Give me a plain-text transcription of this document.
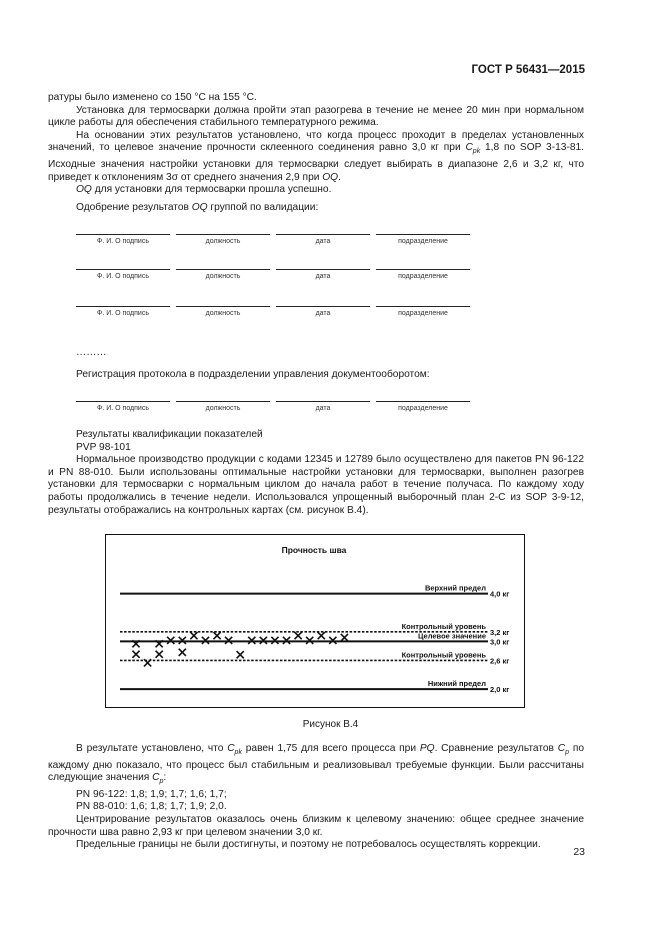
ГОСТ Р 56431—2015

ратуры было изменено со 150 °С на 155 °С.

Установка для термосварки должна пройти этап разогрева в течение не менее 20 мин при нормальном цикле работы для обеспечения стабильного температурного режима.

На основании этих результатов установлено, что когда процесс проходит в пределах установленных значений, то целевое значение прочности склеенного соединения равно 3,0 кг при $C_{pk}$ 1,8 по SOP 3-13-81. Исходные значения настройки установки для термосварки следует выбирать в диапазоне 2,6 и 3,2 кг, что приведет к отклонениям 3σ от среднего значения 2,9 при OQ.

OQ для установки для термосварки прошла успешно.

Одобрение результатов OQ группой по валидации:
Ф. И. О подпись	должность	дата	подразделение
Ф. И. О подпись	должность	дата	подразделение
Ф. И. О подпись	должность	дата	подразделение
………
Регистрация протокола в подразделении управления документооборотом:
Ф. И. О подпись	должность	дата	подразделение

Результаты квалификации показателей

PVP 98-101

Нормальное производство продукции с кодами 12345 и 12789 было осуществлено для пакетов PN 96-122 и PN 88-010. Были использованы оптимальные настройки установки для термосварки, выполнен разогрев установки для термосварки с нормальным циклом до начала работ в течение получаса. По каждому ходу работы продолжались в течение недели. Использовался упрощенный выборочный план 2-С из SOP 3-9-12, результаты отображались на контрольных картах (см. рисунок В.4).

Прочность шва
Верхний предел
4,0 кг
Контрольный уровень
3,2 кг
Целевое значение
3,0 кг
Контрольный уровень
2,6 кг
Нижний предел
2,0 кг
Рисунок В.4

В результате установлено, что $C_{pk}$ равен 1,75 для всего процесса при PQ. Сравнение результатов $C_p$ по каждому дню показало, что процесс был стабильным и реализовывал требуемые функции. Были рассчитаны следующие значения $C_p$:

PN 96-122: 1,8; 1,9; 1,7; 1,6; 1,7;

PN 88-010: 1,6; 1,8; 1,7; 1,9; 2,0.

Центрирование результатов оказалось очень близким к целевому значению: общее среднее значение прочности шва равно 2,93 кг при целевом значении 3,0 кг.

Предельные границы не были достигнуты, и поэтому не потребовалось осуществлять коррекции.

23
